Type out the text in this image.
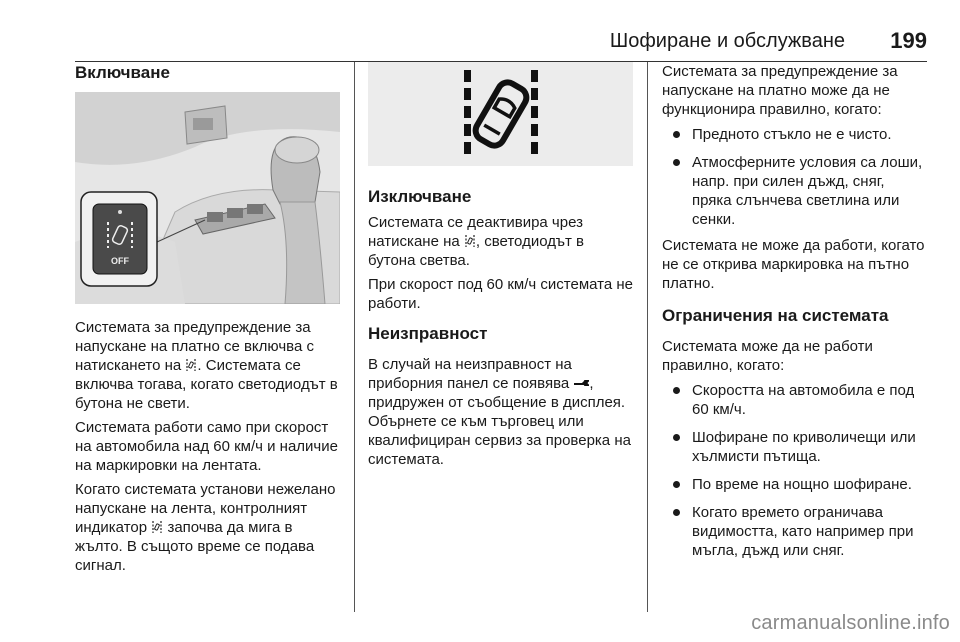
Шофиране и обслужване 199
Включване
OFF

Системата за предупреждение за напускане на платно се включва с натискането на . Системата се включва тогава, когато светодиодът в бутона не свети.

Системата работи само при скорост на автомобила над 60 км/ч и наличие на маркировки на лентата.

Когато системата установи нежелано напускане на лента, контролният индикатор започва да мига в жълто. В същото време се подава сигнал.

Изключване

Системата се деактивира чрез натискане на , светодиодът в бутона светва.

При скорост под 60 км/ч системата не работи.

Неизправност

В случай на неизправност на приборния панел се появява , придружен от съобщение в дисплея. Обърнете се към търговец или квалифициран сервиз за проверка на системата.

Системата за предупреждение за напускане на платно може да не функционира правилно, когато:

Предното стъкло не е чисто.
Атмосферните условия са лоши, напр. при силен дъжд, сняг, пряка слънчева светлина или сенки.

Системата не може да работи, когато не се открива маркировка на пътно платно.

Ограничения на системата

Системата може да не работи правилно, когато:

Скоростта на автомобила е под 60 км/ч.
Шофиране по криволичещи или хълмисти пътища.
По време на нощно шофиране.
Когато времето ограничава видимостта, като например при мъгла, дъжд или сняг.
carmanualsonline.info
